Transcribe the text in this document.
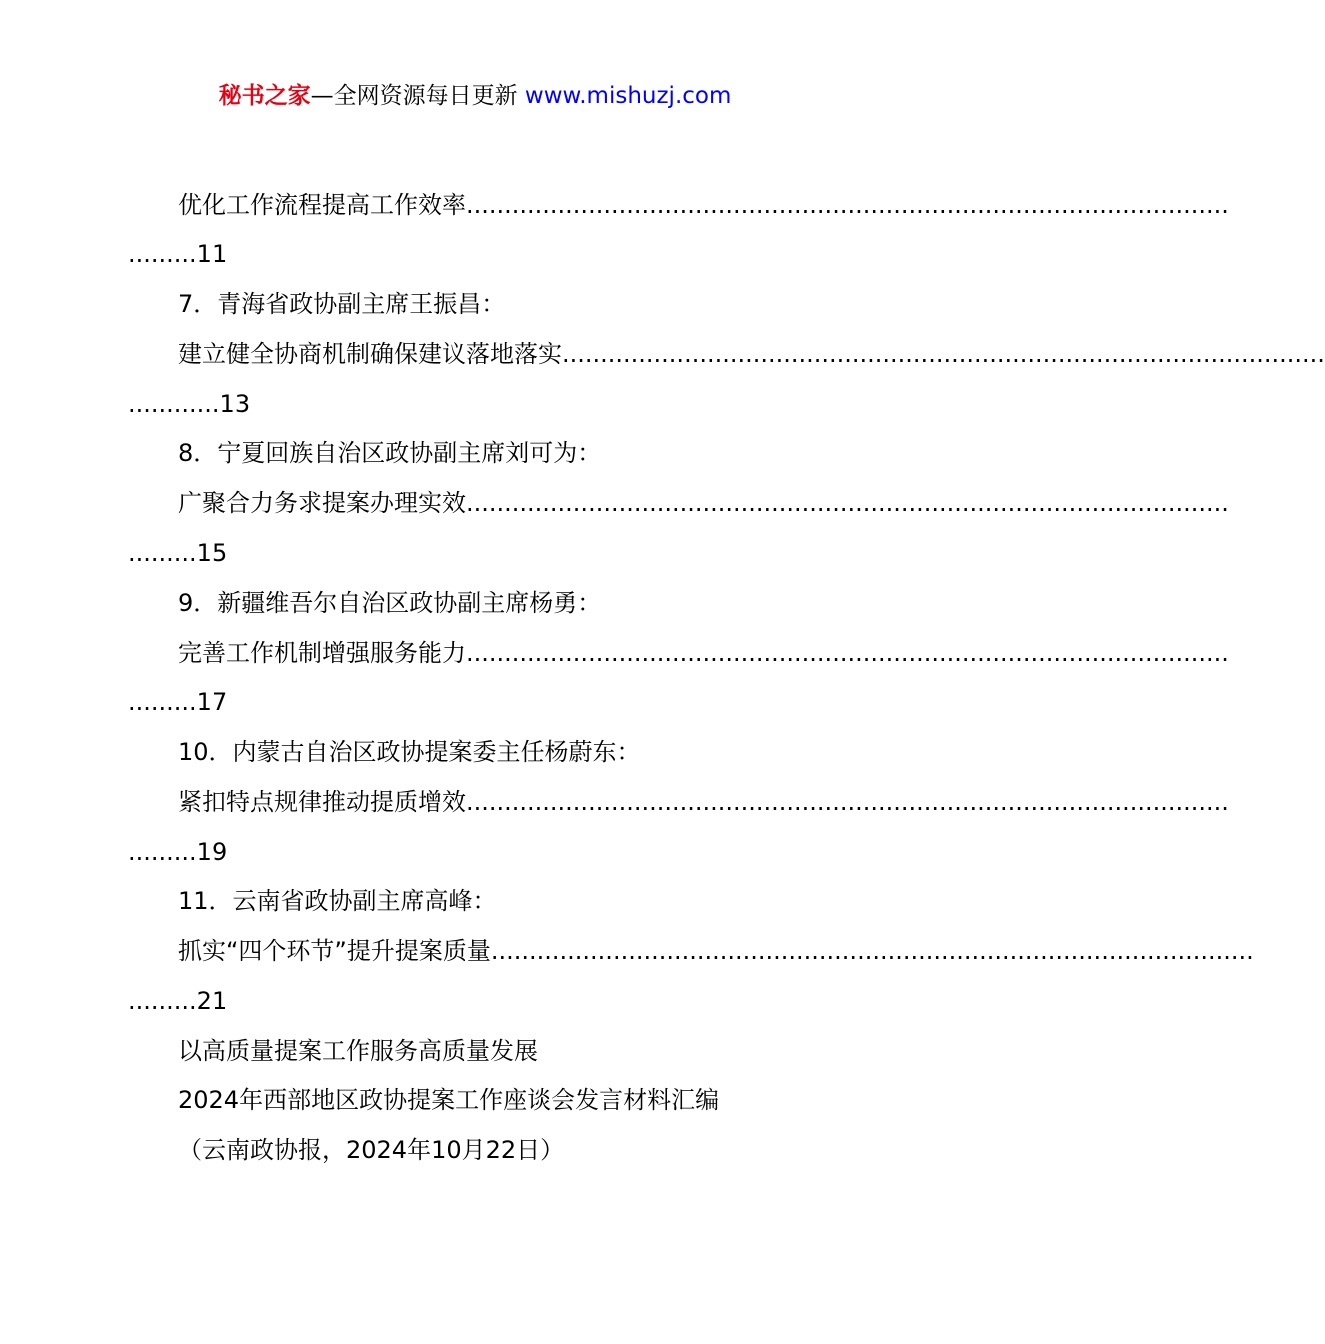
秘书之家—全网资源每日更新 www.mishuzj.com
优化工作流程提高工作效率....................................................................................................
.........11
7．青海省政协副主席王振昌：
建立健全协商机制确保建议落地落实....................................................................................................
............13
8．宁夏回族自治区政协副主席刘可为：
广聚合力务求提案办理实效....................................................................................................
.........15
9．新疆维吾尔自治区政协副主席杨勇：
完善工作机制增强服务能力....................................................................................................
.........17
10．内蒙古自治区政协提案委主任杨蔚东：
紧扣特点规律推动提质增效....................................................................................................
.........19
11．云南省政协副主席高峰：
抓实“四个环节”提升提案质量....................................................................................................
.........21
以高质量提案工作服务高质量发展
2024年西部地区政协提案工作座谈会发言材料汇编
（云南政协报，2024年10月22日）
